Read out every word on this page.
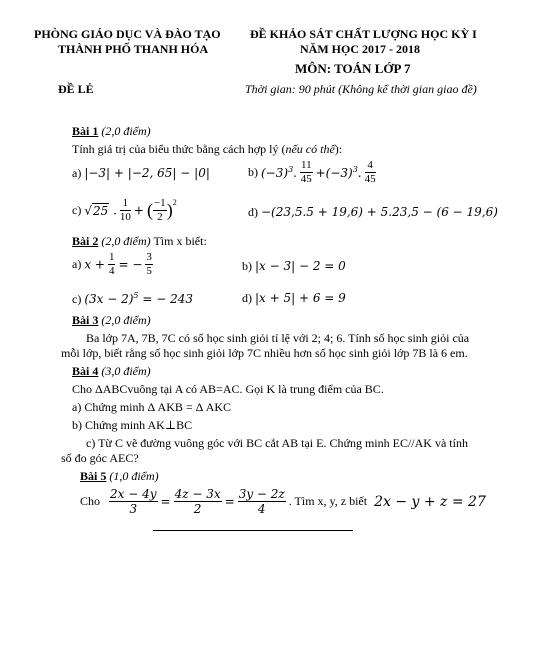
PHÒNG GIÁO DỤC VÀ ĐÀO TẠO
THÀNH PHỐ THANH HÓA
ĐỀ KHẢO SÁT CHẤT LƯỢNG HỌC KỲ I
NĂM HỌC 2017 - 2018
MÔN: TOÁN LỚP 7
ĐỀ LẺ	Thời gian: 90 phút (Không kể thời gian giao đề)
Bài 1 (2,0 điểm)
Tính giá trị của biểu thức bằng cách hợp lý (nếu có thể):
a) |−3| + |−2, 65| − |0|	b) $(-3)^3$. $\frac{11}{45} +(-3)^3$. $\frac{4}{45}$
c) √25 . $\frac{1}{10}$ + ( $\frac{-1}{2} )^2$
d) −(23,5.5 + 19,6) + 5.23,5 − (6 − 19,6)
Bài 2 (2,0 điểm) Tìm x biết:
a) $x + \frac{1}{4}$ = − $\frac{3}{5}$	b) |x − 3| − 2 = 0
c) $(3x - 2)^5$ = − 243	d) |x + 5| + 6 = 9
Bài 3 (2,0 điểm)
Ba lớp 7A, 7B, 7C có số học sinh giỏi tỉ lệ với 2; 4; 6. Tính số học sinh giỏi của
mỗi lớp, biết rằng số học sinh giỏi lớp 7C nhiều hơn số học sinh giỏi lớp 7B là 6 em.
Bài 4 (3,0 điểm)
Cho ΔABCvuông tại A có AB=AC. Gọi K là trung điểm của BC.
a) Chứng minh Δ AKB = Δ AKC
b) Chứng minh AK⊥BC
c) Từ C vẽ đường vuông góc với BC cắt AB tại E. Chứng minh EC//AK và tính
số đo góc AEC?
Bài 5 (1,0 điểm)
Cho $\frac{2x - 4y}{3} = \frac{4z - 3x}{2} = \frac{3y - 2z}{4}$ . Tìm x, y, z biết 2x − y + z = 27
